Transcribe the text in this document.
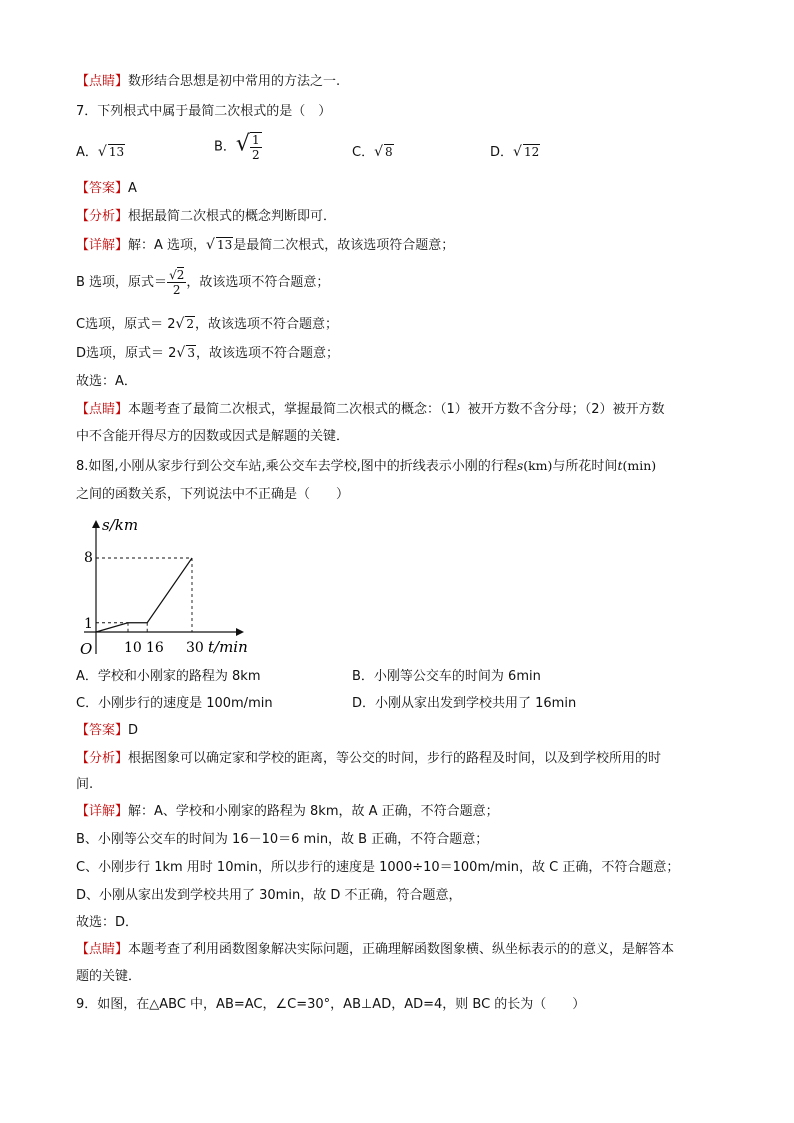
【点睛】数形结合思想是初中常用的方法之一.
7．下列根式中属于最简二次根式的是（　）
A．√ 13	B．√ $\frac{1}{2}$	C．√ 8	D．√ 12
【答案】A
【分析】根据最简二次根式的概念判断即可．
【详解】解：A 选项，√ 13是最简二次根式，故该选项符合题意；
B 选项，原式＝ $\frac{√2}{2}$ ，故该选项不符合题意；
C选项，原式＝ 2√ 2，故该选项不符合题意；
D选项，原式＝ 2√ 3，故该选项不符合题意；
故选：A．
【点睛】本题考查了最简二次根式，掌握最简二次根式的概念：（1）被开方数不含分母；（2）被开方数
中不含能开得尽方的因数或因式是解题的关键．
8.如图,小刚从家步行到公交车站,乘公交车去学校,图中的折线表示小刚的行程s(km)与所花时间t(min)
之间的函数关系，下列说法中不正确是（　　）
s/km
t/min
O
8
1
10 16 30
A．学校和小刚家的路程为 8km	B．小刚等公交车的时间为 6min
C．小刚步行的速度是 100m/min	D．小刚从家出发到学校共用了 16min
【答案】D
【分析】根据图象可以确定家和学校的距离，等公交的时间，步行的路程及时间，以及到学校所用的时
间.
【详解】解：A、学校和小刚家的路程为 8km，故 A 正确，不符合题意；
B、小刚等公交车的时间为 16－10＝6 min，故 B 正确，不符合题意；
C、小刚步行 1km 用时 10min，所以步行的速度是 1000÷10＝100m/min，故 C 正确，不符合题意；
D、小刚从家出发到学校共用了 30min，故 D 不正确，符合题意，
故选：D．
【点睛】本题考查了利用函数图象解决实际问题，正确理解函数图象横、纵坐标表示的的意义，是解答本
题的关键．
9．如图，在△ABC 中，AB=AC，∠C=30°，AB⊥AD，AD=4，则 BC 的长为（　　）
